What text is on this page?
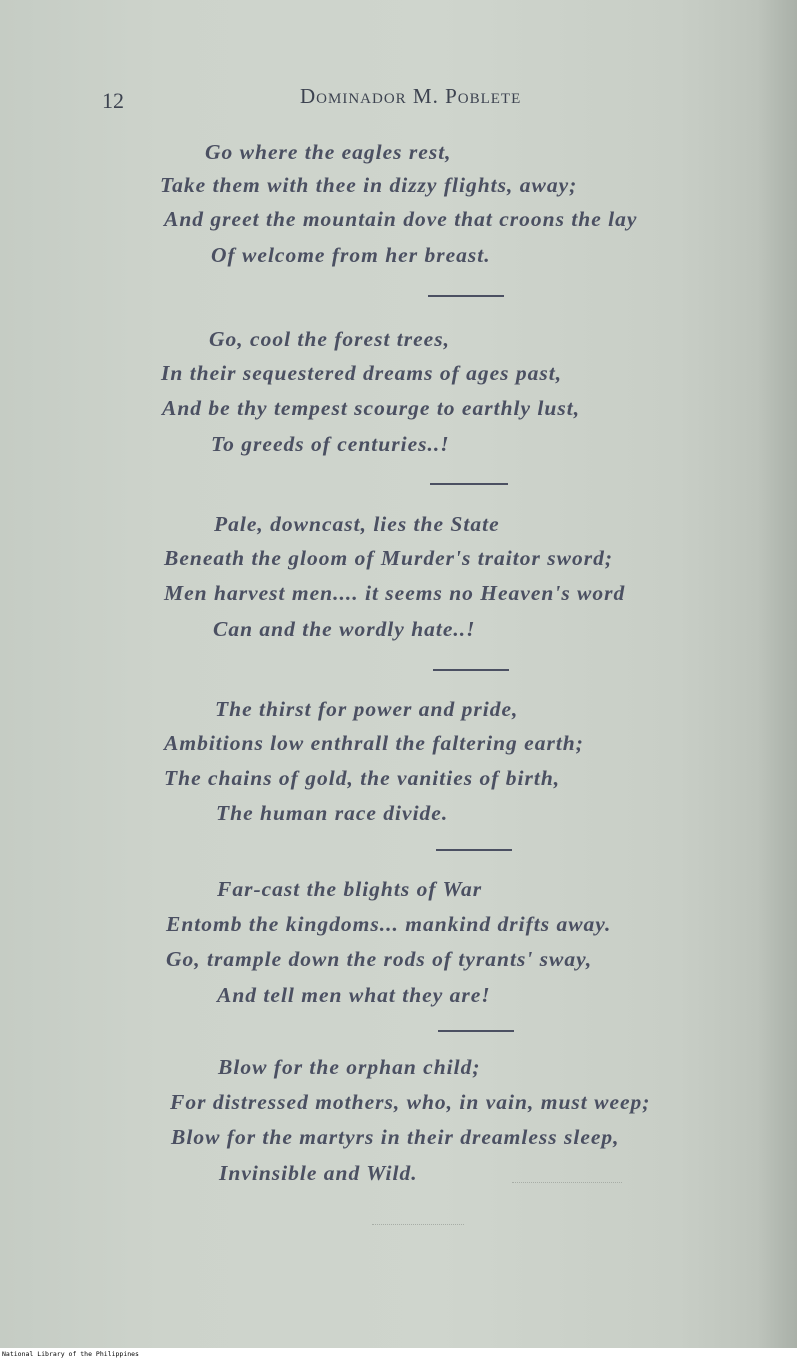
12	Dominador M. Poblete
Go where the eagles rest,
Take them with thee in dizzy flights, away;
And greet the mountain dove that croons the lay
Of welcome from her breast.
Go, cool the forest trees,
In their sequestered dreams of ages past,
And be thy tempest scourge to earthly lust,
To greeds of centuries..!
Pale, downcast, lies the State
Beneath the gloom of Murder's traitor sword;
Men harvest men.... it seems no Heaven's word
Can and the wordly hate..!
The thirst for power and pride,
Ambitions low enthrall the faltering earth;
The chains of gold, the vanities of birth,
The human race divide.
Far-cast the blights of War
Entomb the kingdoms... mankind drifts away.
Go, trample down the rods of tyrants' sway,
And tell men what they are!
Blow for the orphan child;
For distressed mothers, who, in vain, must weep;
Blow for the martyrs in their dreamless sleep,
Invinsible and Wild.
National Library of the Philippines
